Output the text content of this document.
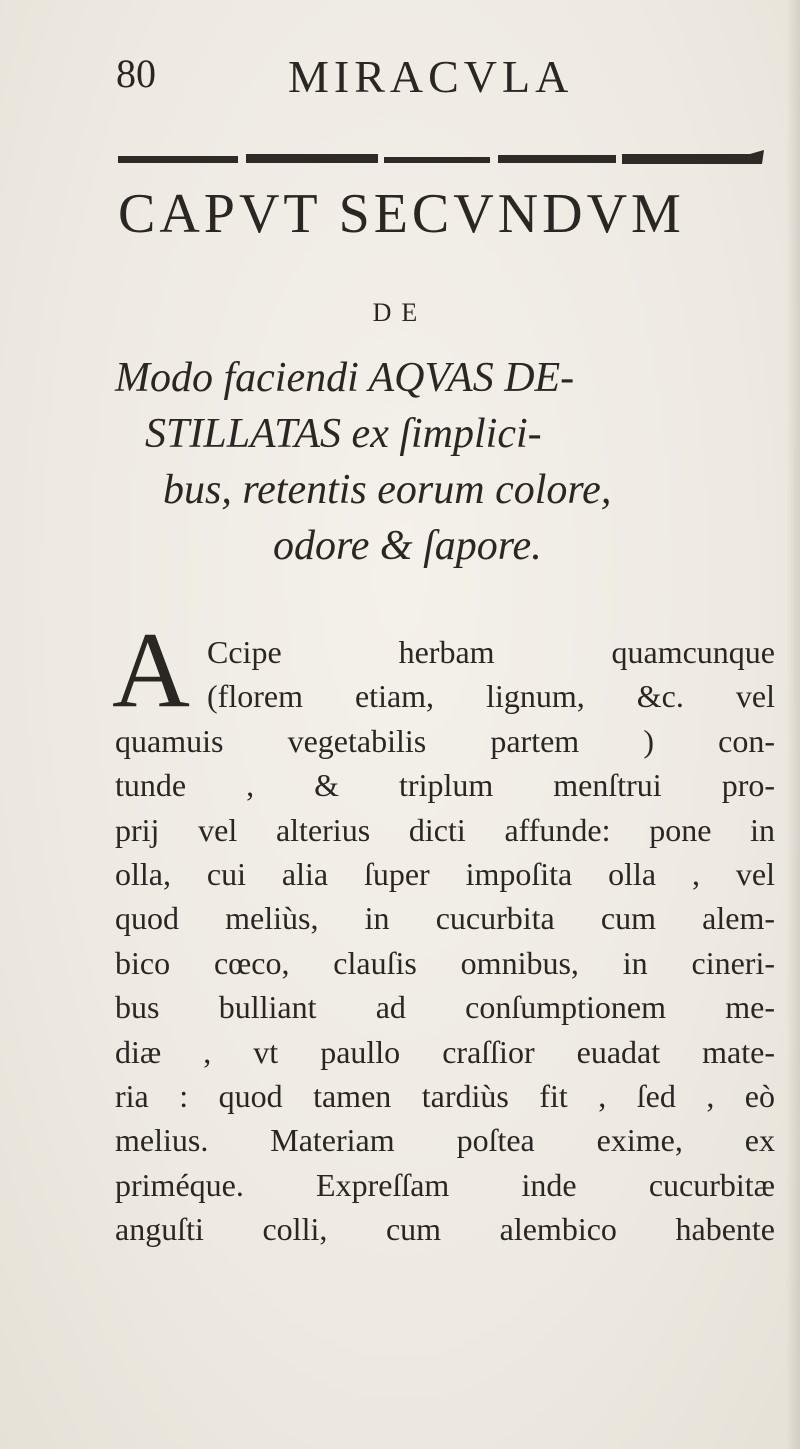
80	MIRACVLA
CAPVT SECVNDVM
DE
Modo faciendi AQVAS DE-
STILLATAS ex ſimplici-
bus, retentis eorum colore,
odore & ſapore.
A Ccipe herbam quamcunque
(florem etiam, lignum, &c. vel
quamuis vegetabilis partem ) con-
tunde , & triplum menſtrui pro-
prij vel alterius dicti affunde: pone in
olla, cui alia ſuper impoſita olla , vel
quod meliùs, in cucurbita cum alem-
bico cœco, clauſis omnibus, in cineri-
bus bulliant ad conſumptionem me-
diæ , vt paullo craſſior euadat mate-
ria : quod tamen tardiùs fit , ſed , eò
melius. Materiam poſtea exime, ex
priméque. Expreſſam inde cucurbitæ
anguſti colli, cum alembico habente
